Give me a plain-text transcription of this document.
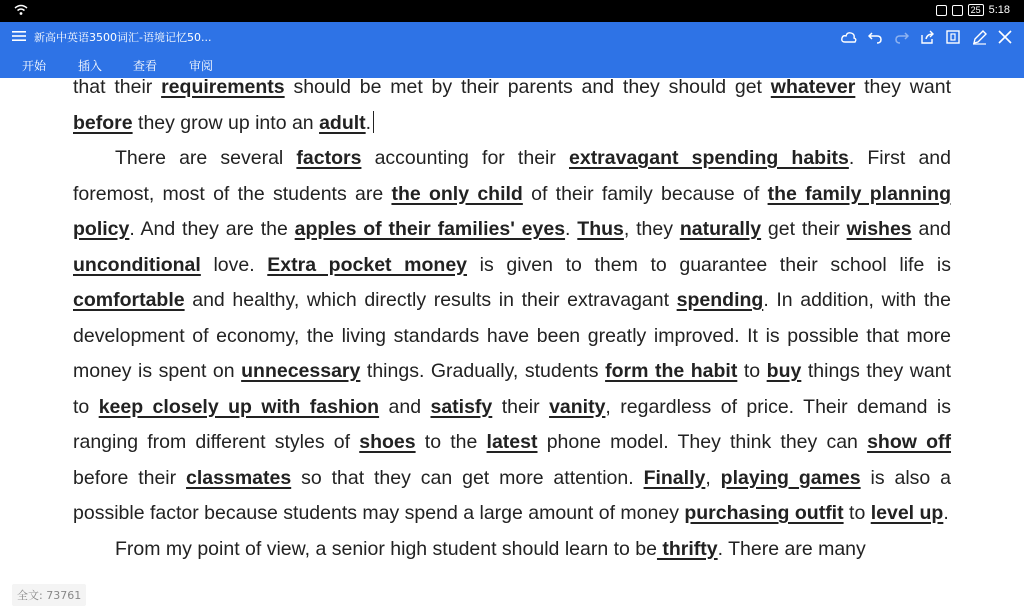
25 5:18
新高中英语3500词汇-语境记忆50...
开始	插入	查看	审阅

that their requirements should be met by their parents and they should get whatever they want before they grow up into an adult.

There are several factors accounting for their extravagant spending habits. First and foremost, most of the students are the only child of their family because of the family planning policy. And they are the apples of their families' eyes. Thus, they naturally get their wishes and unconditional love. Extra pocket money is given to them to guarantee their school life is comfortable and healthy, which directly results in their extravagant spending. In addition, with the development of economy, the living standards have been greatly improved. It is possible that more money is spent on unnecessary things. Gradually, students form the habit to buy things they want to keep closely up with fashion and satisfy their vanity, regardless of price. Their demand is ranging from different styles of shoes to the latest phone model. They think they can show off before their classmates so that they can get more attention. Finally, playing games is also a possible factor because students may spend a large amount of money purchasing outfit to level up.

From my point of view, a senior high student should learn to be thrifty. There are many

全文: 73761
